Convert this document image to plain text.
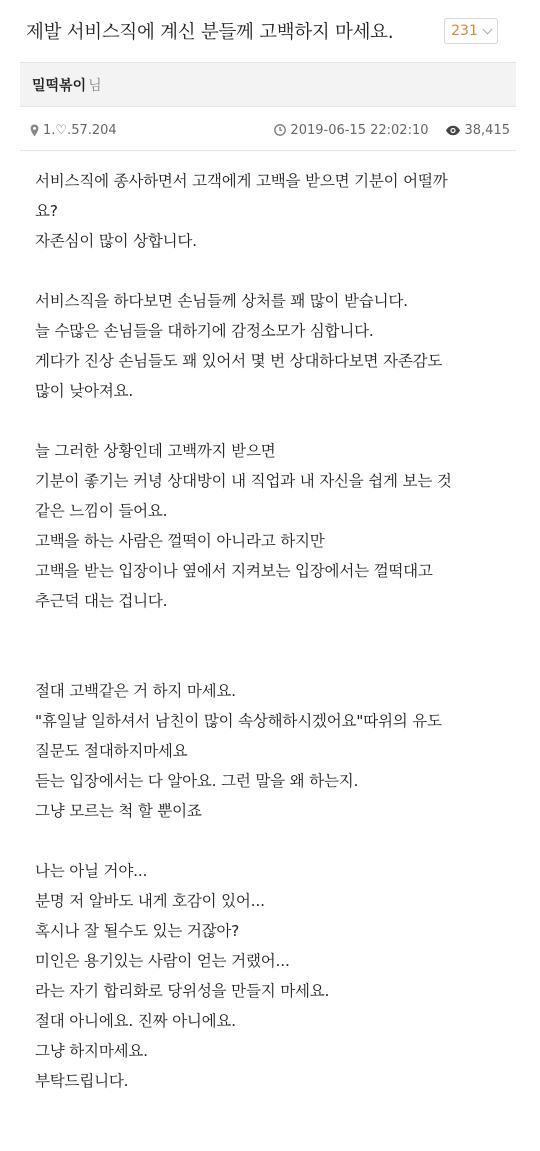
제발 서비스직에 계신 분들께 고백하지 마세요.	231
밀떡볶이 님
1.♡.57.204	2019-06-15 22:02:10	38,415
서비스직에 종사하면서 고객에게 고백을 받으면 기분이 어떨까
요?
자존심이 많이 상합니다.
서비스직을 하다보면 손님들께 상처를 꽤 많이 받습니다.
늘 수많은 손님들을 대하기에 감정소모가 심합니다.
게다가 진상 손님들도 꽤 있어서 몇 번 상대하다보면 자존감도
많이 낮아져요.
늘 그러한 상황인데 고백까지 받으면
기분이 좋기는 커녕 상대방이 내 직업과 내 자신을 쉽게 보는 것
같은 느낌이 들어요.
고백을 하는 사람은 껄떡이 아니라고 하지만
고백을 받는 입장이나 옆에서 지켜보는 입장에서는 껄떡대고
추근덕 대는 겁니다.
절대 고백같은 거 하지 마세요.
"휴일날 일하셔서 남친이 많이 속상해하시겠어요"따위의 유도
질문도 절대하지마세요
듣는 입장에서는 다 알아요. 그런 말을 왜 하는지.
그냥 모르는 척 할 뿐이죠
나는 아닐 거야...
분명 저 알바도 내게 호감이 있어...
혹시나 잘 될수도 있는 거잖아?
미인은 용기있는 사람이 얻는 거랬어...
라는 자기 합리화로 당위성을 만들지 마세요.
절대 아니에요. 진짜 아니에요.
그냥 하지마세요.
부탁드립니다.
